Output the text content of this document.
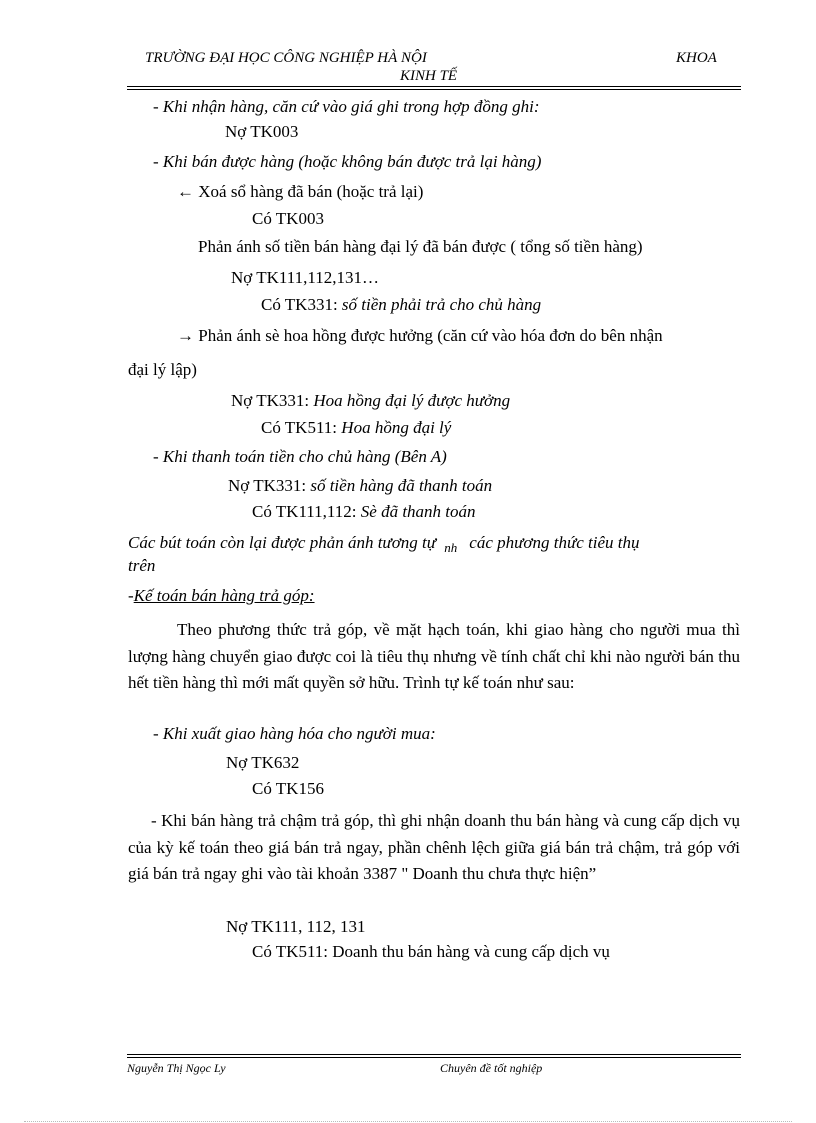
TRƯỜNG ĐẠI HỌC CÔNG NGHIỆP HÀ NỘI	KHOA
KINH TẾ
- Khi nhận hàng, căn cứ vào giá ghi trong hợp đồng ghi:
Nợ TK003
- Khi bán được hàng (hoặc không bán được trả lại hàng)
← Xoá sổ hàng đã bán (hoặc trả lại)
Có TK003
Phản ánh số tiền bán hàng đại lý đã bán được ( tổng số tiền hàng)
Nợ TK111,112,131…
Có TK331: số tiền phải trả cho chủ hàng
→ Phản ánh sè hoa hồng được hưởng (căn cứ vào hóa đơn do bên nhận
đại lý lập)
Nợ TK331: Hoa hồng đại lý được hưởng
Có TK511: Hoa hồng đại lý
- Khi thanh toán tiền cho chủ hàng (Bên A)
Nợ TK331: số tiền hàng đã thanh toán
Có TK111,112: Sè đã thanh toán
Các bút toán còn lại được phản ánh tương tự $_{nh}$ các phương thức tiêu thụ
trên
-Kế toán bán hàng trả góp:
Theo phương thức trả góp, về mặt hạch toán, khi giao hàng cho người mua thì lượng hàng chuyển giao được coi là tiêu thụ nhưng về tính chất chỉ khi nào người bán thu hết tiền hàng thì mới mất quyền sở hữu. Trình tự kế toán như sau:
- Khi xuất giao hàng hóa cho người mua:
Nợ TK632
Có TK156
- Khi bán hàng trả chậm trả góp, thì ghi nhận doanh thu bán hàng và cung cấp dịch vụ của kỳ kế toán theo giá bán trả ngay, phần chênh lệch giữa giá bán trả chậm, trả góp với giá bán trả ngay ghi vào tài khoản 3387 " Doanh thu chưa thực hiện”
Nợ TK111, 112, 131
Có TK511: Doanh thu bán hàng và cung cấp dịch vụ
Nguyễn Thị Ngọc Ly	Chuyên đề tốt nghiệp
